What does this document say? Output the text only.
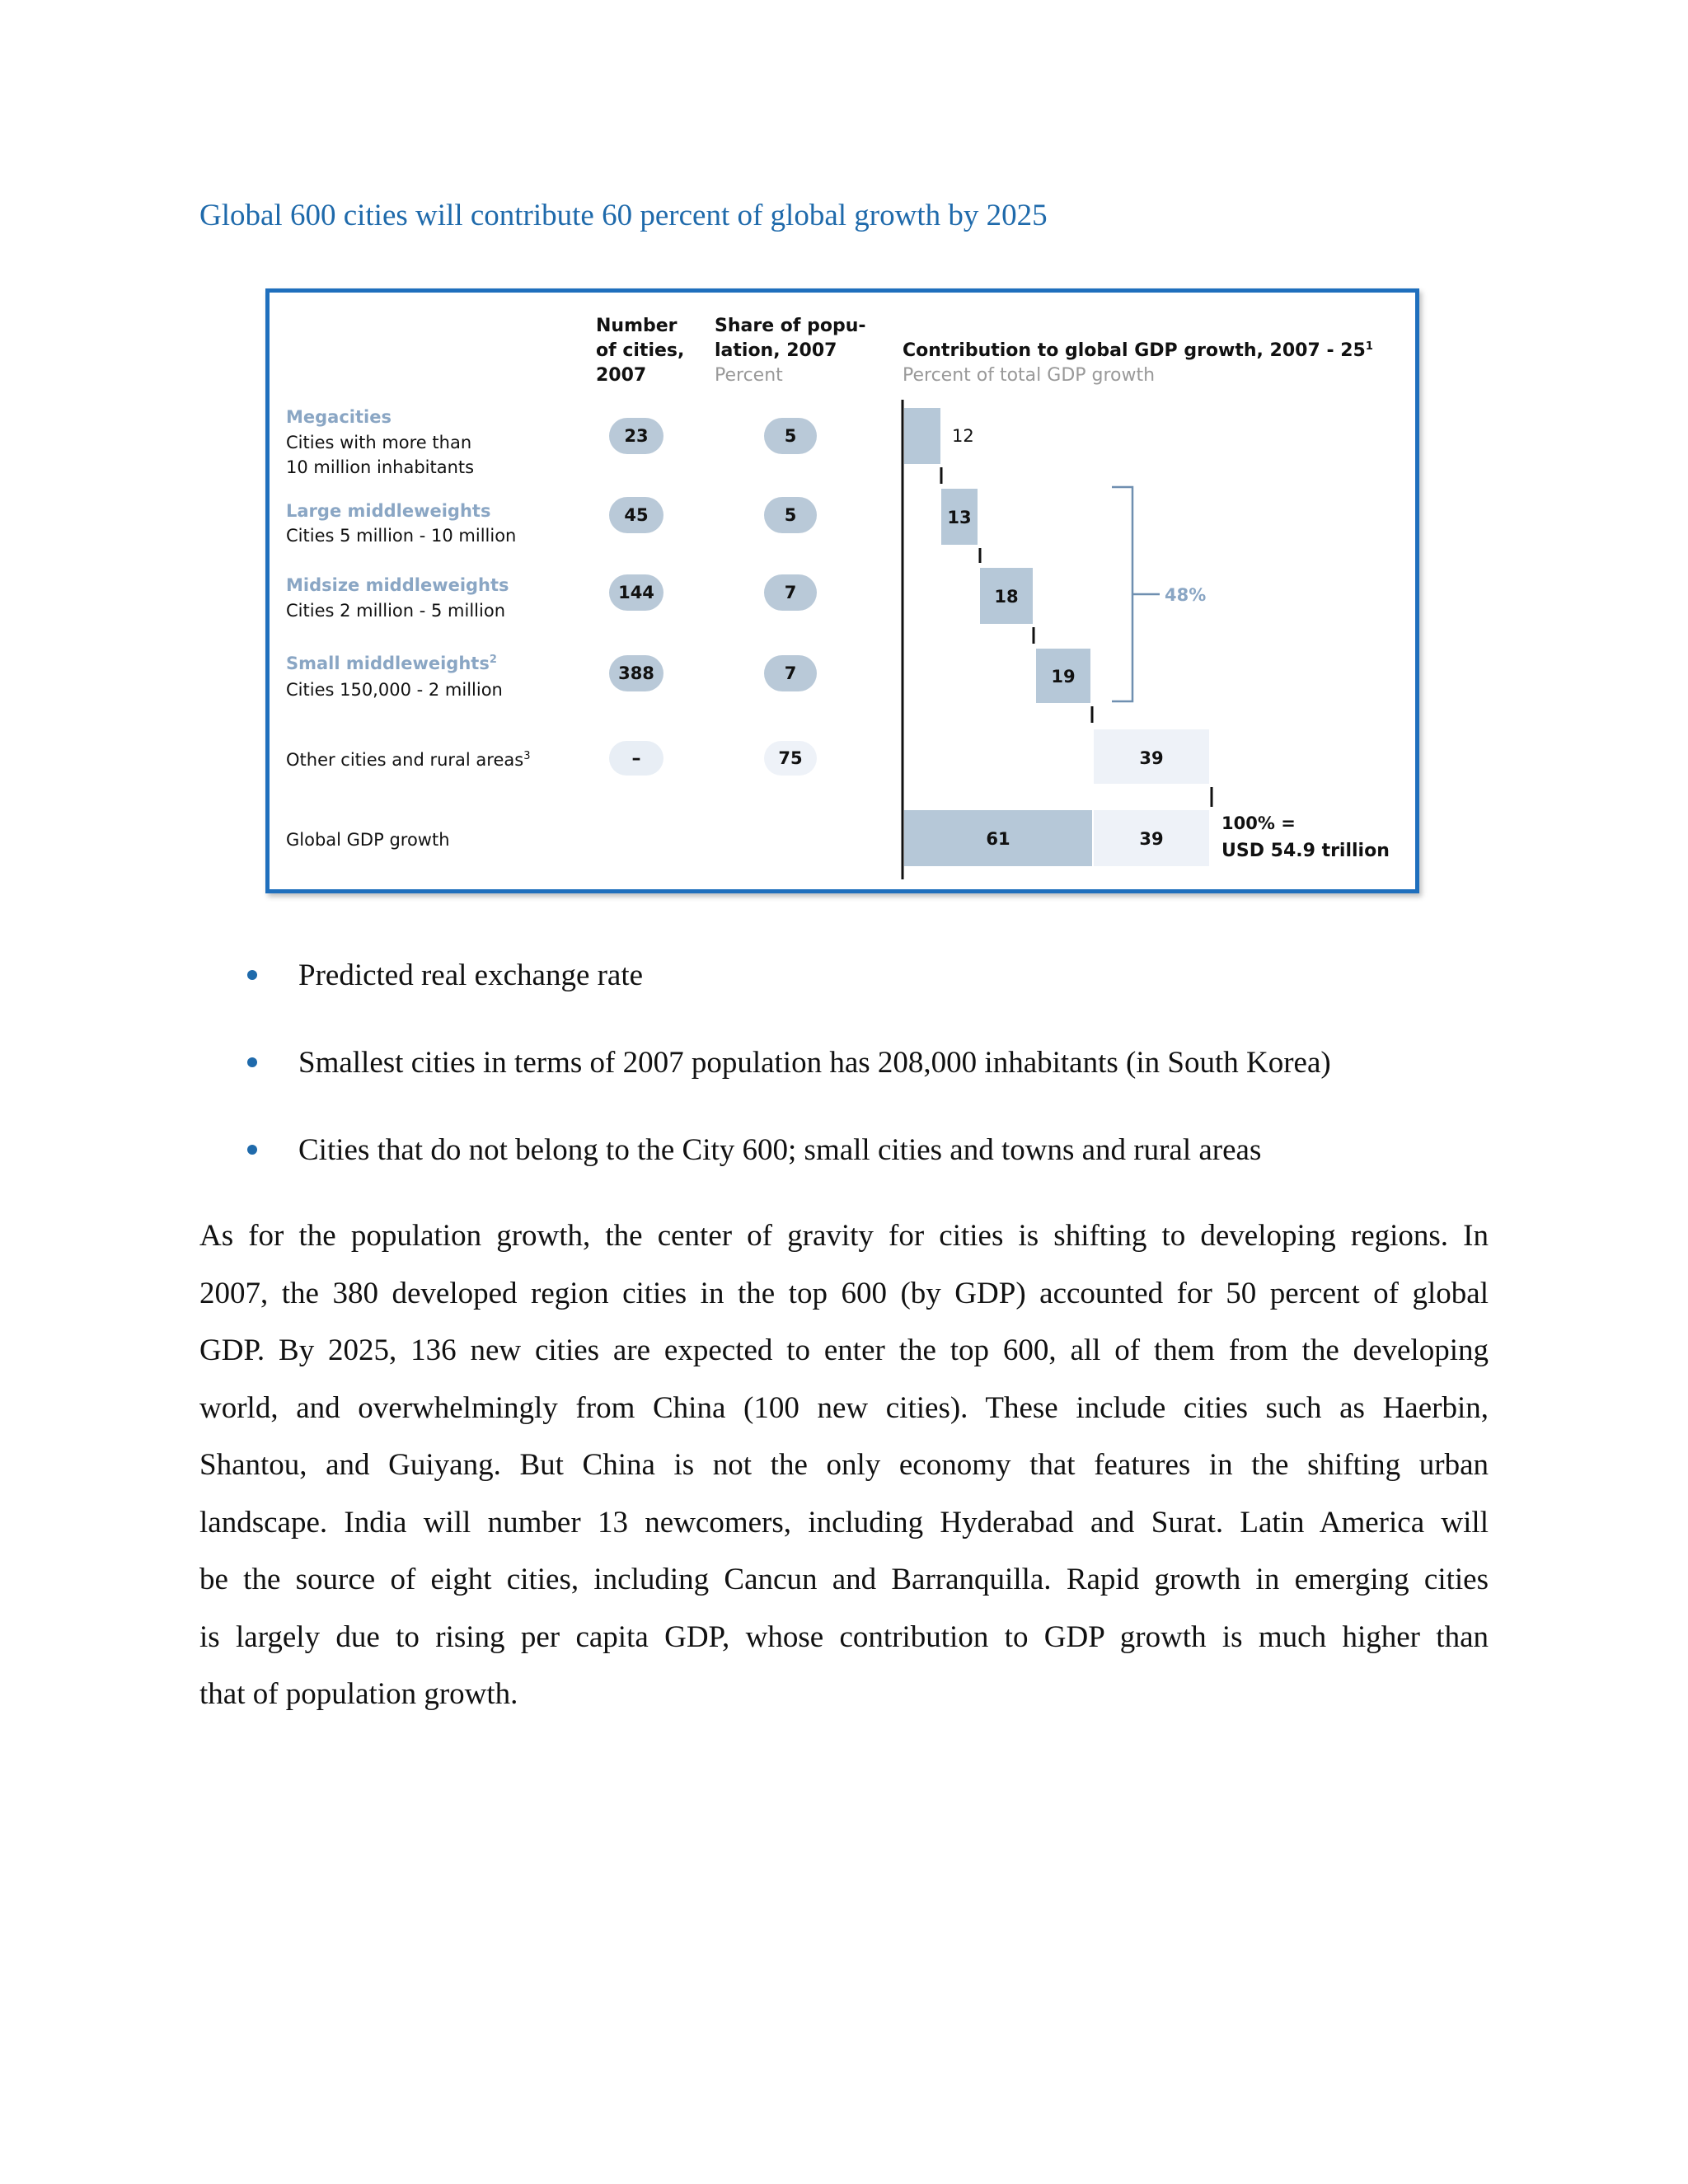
Global 600 cities will contribute 60 percent of global growth by 2025
Number
of cities,
2007
Share of popu-
lation, 2007
Percent
Contribution to global GDP growth, $2007 - 25^1$
Percent of total GDP growth
Megacities
Cities with more than
10 million inhabitants
Large middleweights
Cities 5 million - 10 million
Midsize middleweights
Cities 2 million - 5 million
Small middleweights$^2$
Cities 150,000 - 2 million
Other cities and rural areas$^3$
Global GDP growth
23
45
144
388
–
5
5
7
7
75
12
13
18
19
39
61	39
100% =
USD 54.9 trillion
48%
Predicted real exchange rate
Smallest cities in terms of 2007 population has 208,000 inhabitants (in South Korea)
Cities that do not belong to the City 600; small cities and towns and rural areas
As for the population growth, the center of gravity for cities is shifting to developing regions. In
2007, the 380 developed region cities in the top 600 (by GDP) accounted for 50 percent of global
GDP. By 2025, 136 new cities are expected to enter the top 600, all of them from the developing
world, and overwhelmingly from China (100 new cities). These include cities such as Haerbin,
Shantou, and Guiyang. But China is not the only economy that features in the shifting urban
landscape. India will number 13 newcomers, including Hyderabad and Surat. Latin America will
be the source of eight cities, including Cancun and Barranquilla. Rapid growth in emerging cities
is largely due to rising per capita GDP, whose contribution to GDP growth is much higher than
that of population growth.
